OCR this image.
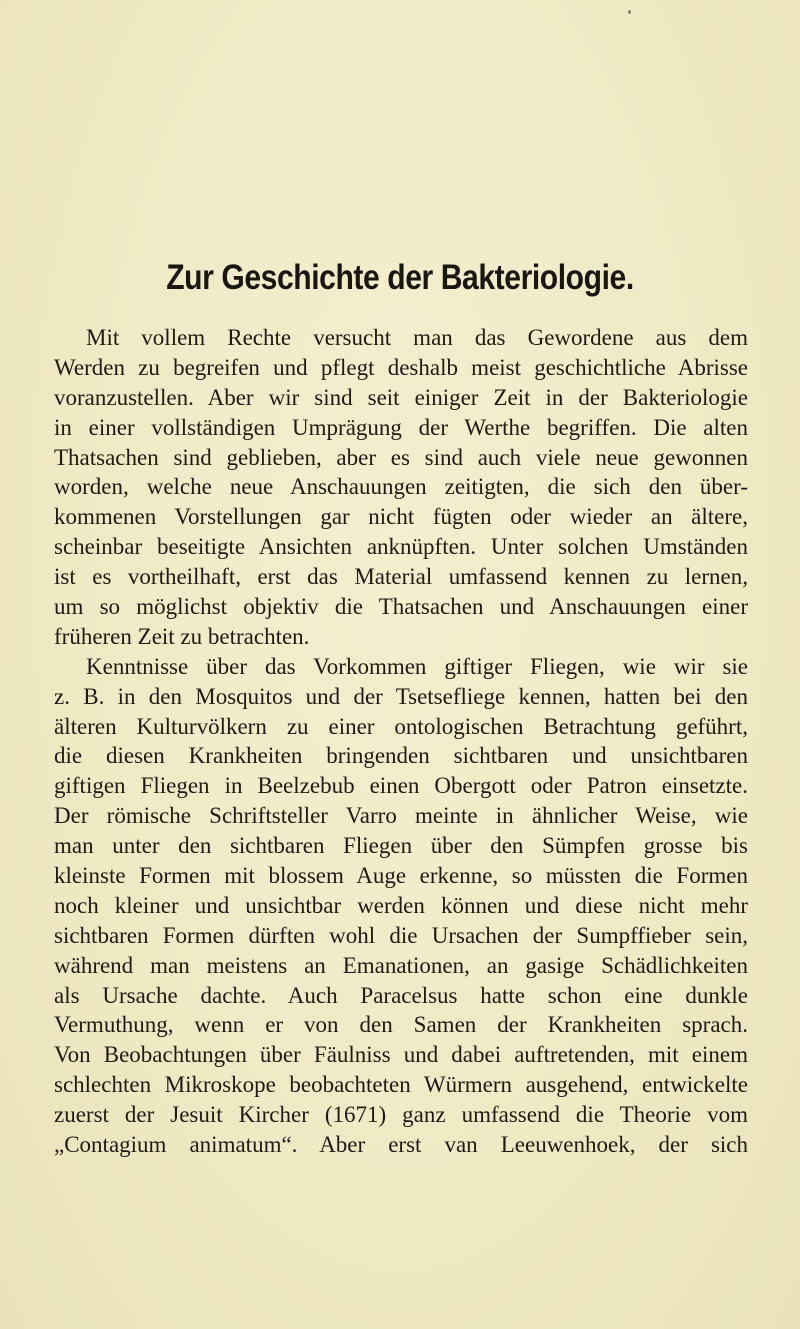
Zur Geschichte der Bakteriologie.
Mit vollem Rechte versucht man das Gewordene aus dem
Werden zu begreifen und pflegt deshalb meist geschichtliche Abrisse
voranzustellen. Aber wir sind seit einiger Zeit in der Bakteriologie
in einer vollständigen Umprägung der Werthe begriffen. Die alten
Thatsachen sind geblieben, aber es sind auch viele neue gewonnen
worden, welche neue Anschauungen zeitigten, die sich den über-
kommenen Vorstellungen gar nicht fügten oder wieder an ältere,
scheinbar beseitigte Ansichten anknüpften. Unter solchen Umständen
ist es vortheilhaft, erst das Material umfassend kennen zu lernen,
um so möglichst objektiv die Thatsachen und Anschauungen einer
früheren Zeit zu betrachten.
Kenntnisse über das Vorkommen giftiger Fliegen, wie wir sie
z. B. in den Mosquitos und der Tsetsefliege kennen, hatten bei den
älteren Kulturvölkern zu einer ontologischen Betrachtung geführt,
die diesen Krankheiten bringenden sichtbaren und unsichtbaren
giftigen Fliegen in Beelzebub einen Obergott oder Patron einsetzte.
Der römische Schriftsteller Varro meinte in ähnlicher Weise, wie
man unter den sichtbaren Fliegen über den Sümpfen grosse bis
kleinste Formen mit blossem Auge erkenne, so müssten die Formen
noch kleiner und unsichtbar werden können und diese nicht mehr
sichtbaren Formen dürften wohl die Ursachen der Sumpffieber sein,
während man meistens an Emanationen, an gasige Schädlichkeiten
als Ursache dachte. Auch Paracelsus hatte schon eine dunkle
Vermuthung, wenn er von den Samen der Krankheiten sprach.
Von Beobachtungen über Fäulniss und dabei auftretenden, mit einem
schlechten Mikroskope beobachteten Würmern ausgehend, entwickelte
zuerst der Jesuit Kircher (1671) ganz umfassend die Theorie vom
„Contagium animatum“. Aber erst van Leeuwenhoek, der sich
